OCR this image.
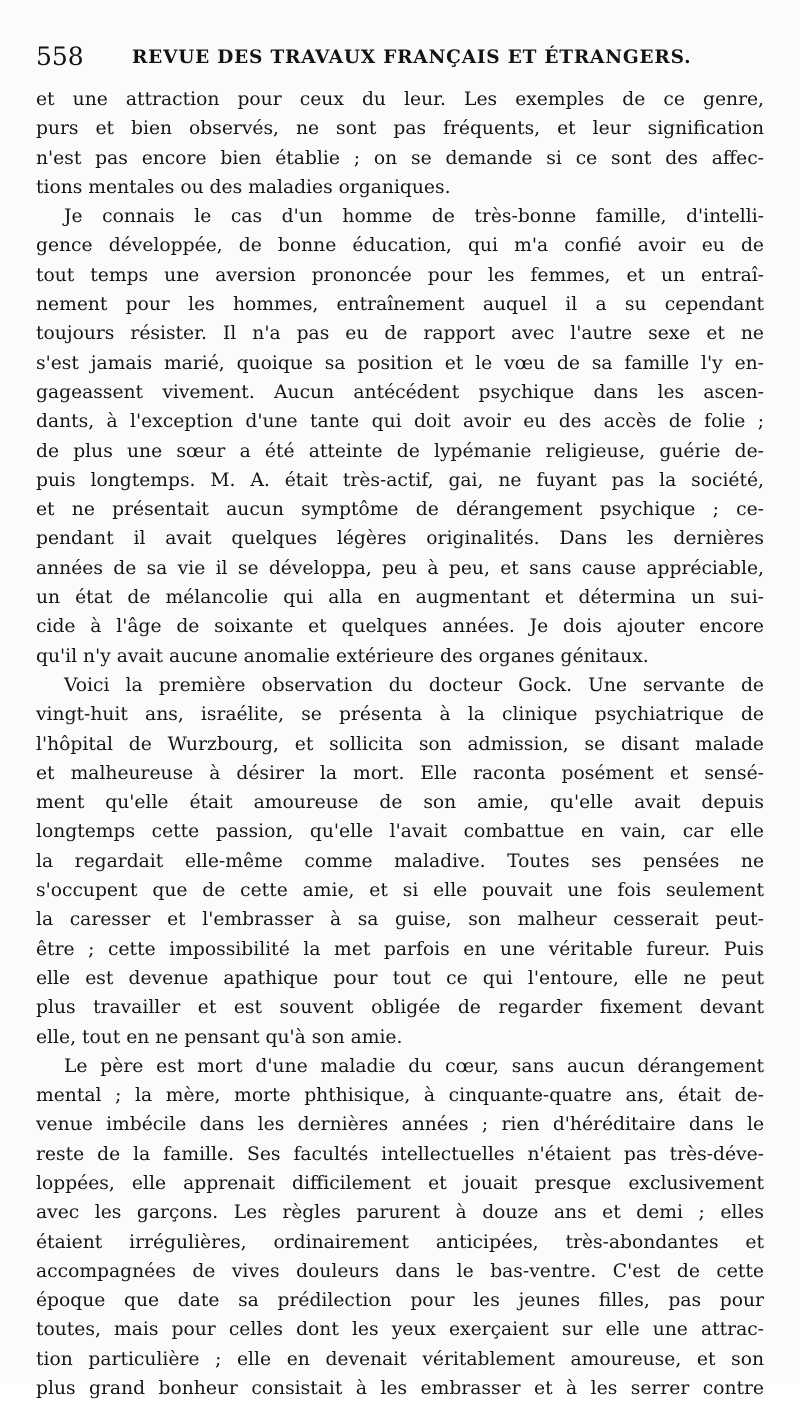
558	REVUE DES TRAVAUX FRANÇAIS ET ÉTRANGERS.
et une attraction pour ceux du leur. Les exemples de ce genre,
purs et bien observés, ne sont pas fréquents, et leur signification
n'est pas encore bien établie ; on se demande si ce sont des affec-
tions mentales ou des maladies organiques.
Je connais le cas d'un homme de très-bonne famille, d'intelli-
gence développée, de bonne éducation, qui m'a confié avoir eu de
tout temps une aversion prononcée pour les femmes, et un entraî-
nement pour les hommes, entraînement auquel il a su cependant
toujours résister. Il n'a pas eu de rapport avec l'autre sexe et ne
s'est jamais marié, quoique sa position et le vœu de sa famille l'y en-
gageassent vivement. Aucun antécédent psychique dans les ascen-
dants, à l'exception d'une tante qui doit avoir eu des accès de folie ;
de plus une sœur a été atteinte de lypémanie religieuse, guérie de-
puis longtemps. M. A. était très-actif, gai, ne fuyant pas la société,
et ne présentait aucun symptôme de dérangement psychique ; ce-
pendant il avait quelques légères originalités. Dans les dernières
années de sa vie il se développa, peu à peu, et sans cause appréciable,
un état de mélancolie qui alla en augmentant et détermina un sui-
cide à l'âge de soixante et quelques années. Je dois ajouter encore
qu'il n'y avait aucune anomalie extérieure des organes génitaux.
Voici la première observation du docteur Gock. Une servante de
vingt-huit ans, israélite, se présenta à la clinique psychiatrique de
l'hôpital de Wurzbourg, et sollicita son admission, se disant malade
et malheureuse à désirer la mort. Elle raconta posément et sensé-
ment qu'elle était amoureuse de son amie, qu'elle avait depuis
longtemps cette passion, qu'elle l'avait combattue en vain, car elle
la regardait elle-même comme maladive. Toutes ses pensées ne
s'occupent que de cette amie, et si elle pouvait une fois seulement
la caresser et l'embrasser à sa guise, son malheur cesserait peut-
être ; cette impossibilité la met parfois en une véritable fureur. Puis
elle est devenue apathique pour tout ce qui l'entoure, elle ne peut
plus travailler et est souvent obligée de regarder fixement devant
elle, tout en ne pensant qu'à son amie.
Le père est mort d'une maladie du cœur, sans aucun dérangement
mental ; la mère, morte phthisique, à cinquante-quatre ans, était de-
venue imbécile dans les dernières années ; rien d'héréditaire dans le
reste de la famille. Ses facultés intellectuelles n'étaient pas très-déve-
loppées, elle apprenait difficilement et jouait presque exclusivement
avec les garçons. Les règles parurent à douze ans et demi ; elles
étaient irrégulières, ordinairement anticipées, très-abondantes et
accompagnées de vives douleurs dans le bas-ventre. C'est de cette
époque que date sa prédilection pour les jeunes filles, pas pour
toutes, mais pour celles dont les yeux exerçaient sur elle une attrac-
tion particulière ; elle en devenait véritablement amoureuse, et son
plus grand bonheur consistait à les embrasser et à les serrer contre
